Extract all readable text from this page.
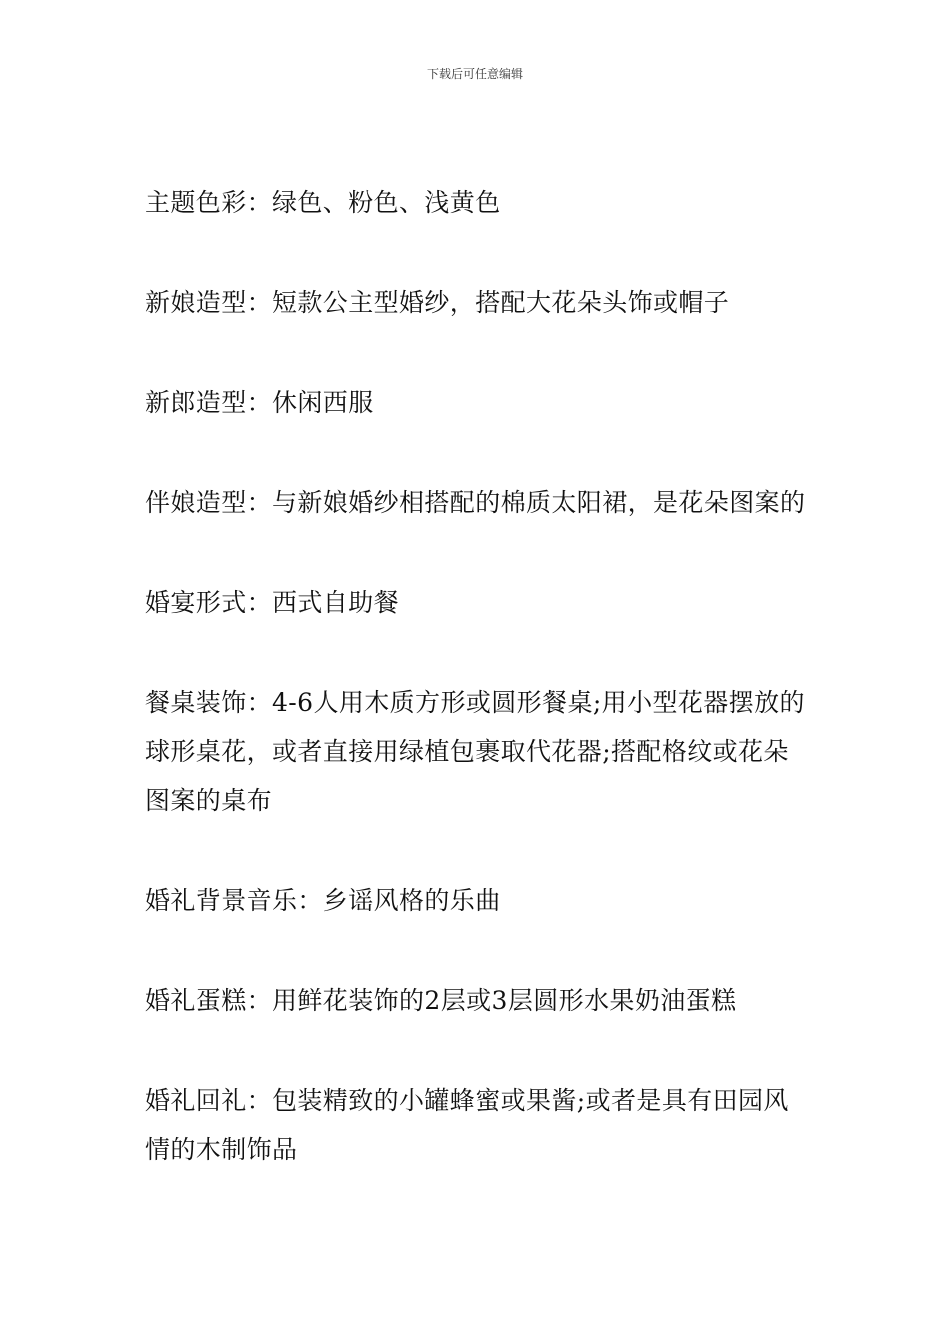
下载后可任意编辑

主题色彩：绿色、粉色、浅黄色

新娘造型：短款公主型婚纱，搭配大花朵头饰或帽子

新郎造型：休闲西服

伴娘造型：与新娘婚纱相搭配的棉质太阳裙，是花朵图案的

婚宴形式：西式自助餐

餐桌装饰：4-6人用木质方形或圆形餐桌;用小型花器摆放的球形桌花，或者直接用绿植包裹取代花器;搭配格纹或花朵图案的桌布

婚礼背景音乐：乡谣风格的乐曲

婚礼蛋糕：用鲜花装饰的2层或3层圆形水果奶油蛋糕

婚礼回礼：包装精致的小罐蜂蜜或果酱;或者是具有田园风情的木制饰品
